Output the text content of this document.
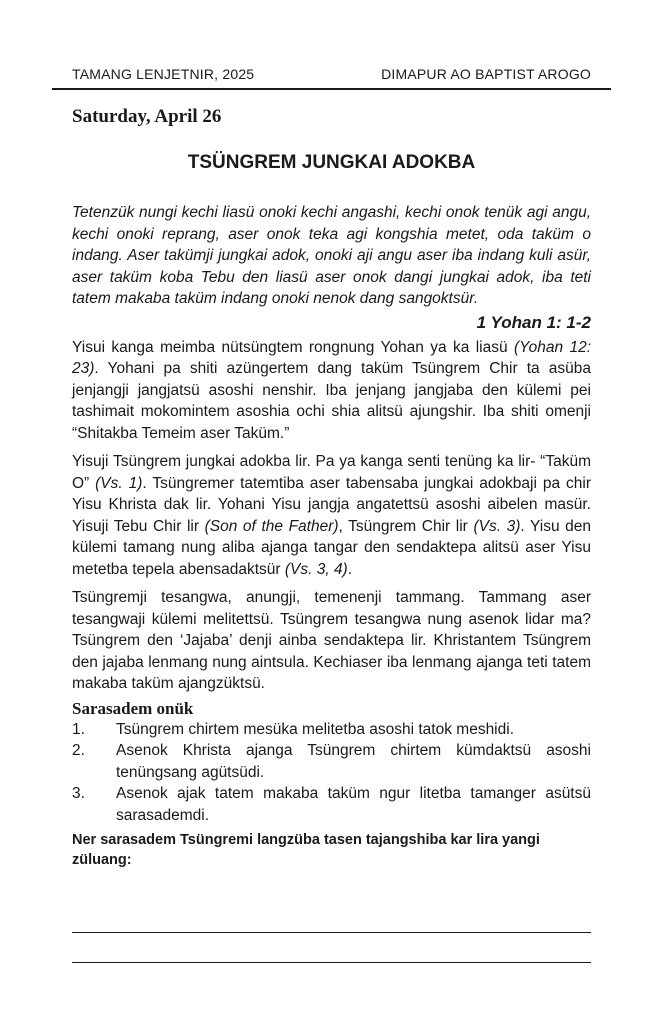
TAMANG LENJETNIR, 2025	DIMAPUR AO BAPTIST AROGO
Saturday, April 26
TSÜNGREM JUNGKAI ADOKBA

Tetenzük nungi kechi liasü onoki kechi angashi, kechi onok tenük agi angu, kechi onoki reprang, aser onok teka agi kongshia metet, oda taküm o indang. Aser takümji jungkai adok, onoki aji angu aser iba indang kuli asür, aser taküm koba Tebu den liasü aser onok dangi jungkai adok, iba teti tatem makaba taküm indang onoki nenok dang sangoktsür.

1 Yohan 1: 1-2

Yisui kanga meimba nütsüngtem rongnung Yohan ya ka liasü (Yohan 12: 23). Yohani pa shiti azüngertem dang taküm Tsüngrem Chir ta asüba jenjangji jangjatsü asoshi nenshir. Iba jenjang jangjaba den külemi pei tashimait mokomintem asoshia ochi shia alitsü ajungshir. Iba shiti omenji “Shitakba Temeim aser Taküm.”

Yisuji Tsüngrem jungkai adokba lir. Pa ya kanga senti tenüng ka lir- “Taküm O” (Vs. 1). Tsüngremer tatemtiba aser tabensaba jungkai adokbaji pa chir Yisu Khrista dak lir. Yohani Yisu jangja angatettsü asoshi aibelen masür. Yisuji Tebu Chir lir (Son of the Father), Tsüngrem Chir lir (Vs. 3). Yisu den külemi tamang nung aliba ajanga tangar den sendaktepa alitsü aser Yisu metetba tepela abensadaktsür (Vs. 3, 4).

Tsüngremji tesangwa, anungji, temenenji tammang. Tammang aser tesangwaji külemi melitettsü. Tsüngrem tesangwa nung asenok lidar ma? Tsüngrem den ‘Jajaba’ denji ainba sendaktepa lir. Khristantem Tsüngrem den jajaba lenmang nung aintsula. Kechiaser iba lenmang ajanga teti tatem makaba taküm ajangzüktsü.

Sarasadem onük
1.	Tsüngrem chirtem mesüka melitetba asoshi tatok meshidi.
2.	Asenok Khrista ajanga Tsüngrem chirtem kümdaktsü asoshi tenüngsang agütsüdi.
3.	Asenok ajak tatem makaba taküm ngur litetba tamanger asütsü sarasademdi.
Ner sarasadem Tsüngremi langzüba tasen tajangshiba kar lira yangi züluang:
